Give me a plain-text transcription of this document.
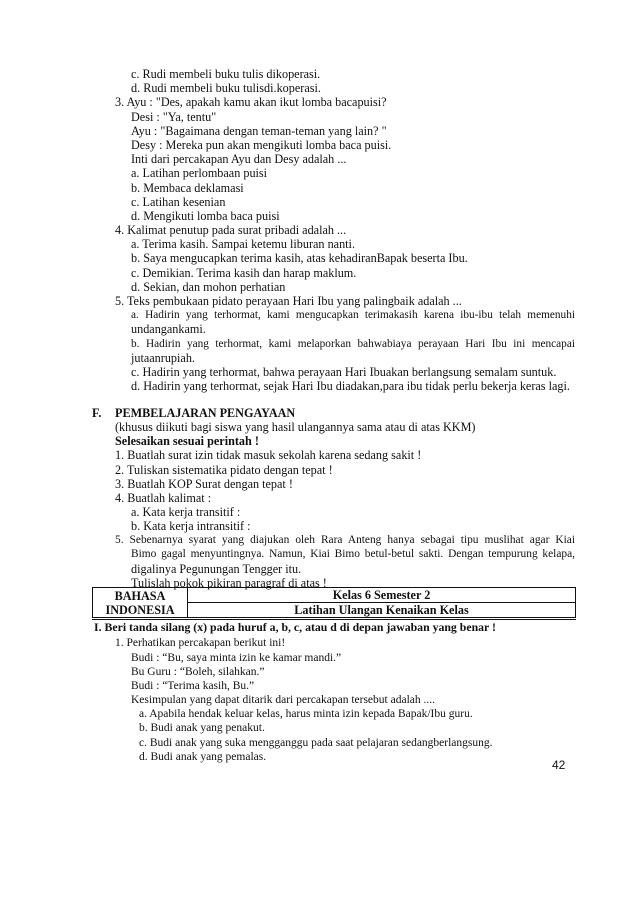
c. Rudi membeli buku tulis dikoperasi.
d. Rudi membeli buku tulisdi.koperasi.
3. Ayu : "Des, apakah kamu akan ikut lomba bacapuisi?
Desi : "Ya, tentu"
Ayu : "Bagaimana dengan teman-teman yang lain? "
Desy : Mereka pun akan mengikuti lomba baca puisi.
Inti dari percakapan Ayu dan Desy adalah ...
a. Latihan perlombaan puisi
b. Membaca deklamasi
c. Latihan kesenian
d. Mengikuti lomba baca puisi
4. Kalimat penutup pada surat pribadi adalah ...
a. Terima kasih. Sampai ketemu liburan nanti.
b. Saya mengucapkan terima kasih, atas kehadiranBapak beserta Ibu.
c. Demikian. Terima kasih dan harap maklum.
d. Sekian, dan mohon perhatian
5. Teks pembukaan pidato perayaan Hari Ibu yang palingbaik adalah ...
a. Hadirin yang terhormat, kami mengucapkan terimakasih karena ibu-ibu telah memenuhi
undangankami.
b. Hadirin yang terhormat, kami melaporkan bahwabiaya perayaan Hari Ibu ini mencapai
jutaanrupiah.
c. Hadirin yang terhormat, bahwa perayaan Hari Ibuakan berlangsung semalam suntuk.
d. Hadirin yang terhormat, sejak Hari Ibu diadakan,para ibu tidak perlu bekerja keras lagi.
F. PEMBELAJARAN PENGAYAAN
(khusus diikuti bagi siswa yang hasil ulangannya sama atau di atas KKM)
Selesaikan sesuai perintah !
1. Buatlah surat izin tidak masuk sekolah karena sedang sakit !
2. Tuliskan sistematika pidato dengan tepat !
3. Buatlah KOP Surat dengan tepat !
4. Buatlah kalimat :
a. Kata kerja transitif :
b. Kata kerja intransitif :
5. Sebenarnya syarat yang diajukan oleh Rara Anteng hanya sebagai tipu muslihat agar Kiai
Bimo gagal menyuntingnya. Namun, Kiai Bimo betul-betul sakti. Dengan tempurung kelapa,
digalinya Pegunungan Tengger itu.
Tulislah pokok pikiran paragraf di atas !
BAHASA
INDONESIA
	Kelas 6 Semester 2
Latihan Ulangan Kenaikan Kelas
I. Beri tanda silang (x) pada huruf a, b, c, atau d di depan jawaban yang benar !
1. Perhatikan percakapan berikut ini!
Budi : “Bu, saya minta izin ke kamar mandi.”
Bu Guru : “Boleh, silahkan.”
Budi : “Terima kasih, Bu.”
Kesimpulan yang dapat ditarik dari percakapan tersebut adalah ....
a. Apabila hendak keluar kelas, harus minta izin kepada Bapak/Ibu guru.
b. Budi anak yang penakut.
c. Budi anak yang suka mengganggu pada saat pelajaran sedangberlangsung.
d. Budi anak yang pemalas.
42
